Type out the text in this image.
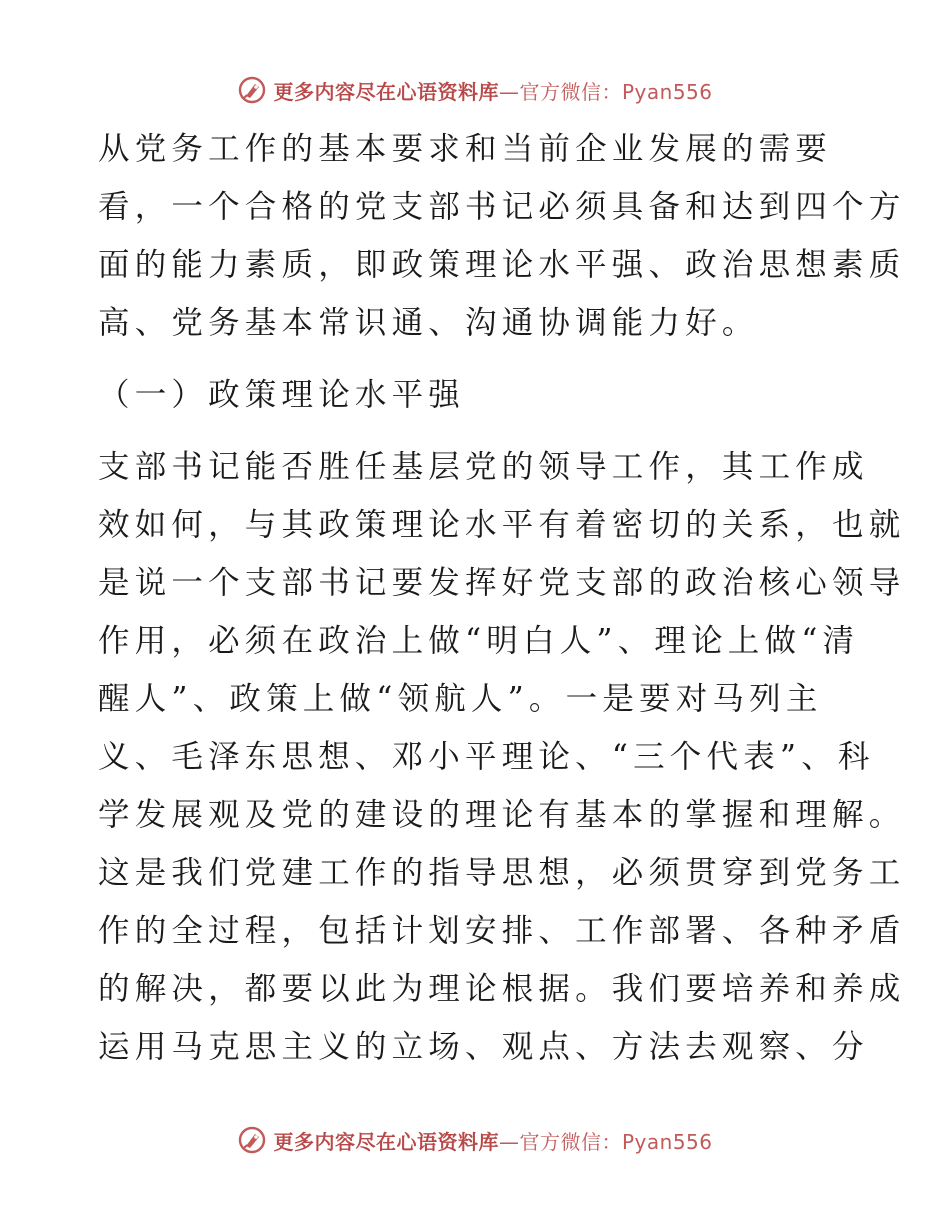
更多内容尽在心语资料库—官方微信：Pyan556
从党务工作的基本要求和当前企业发展的需要
看，一个合格的党支部书记必须具备和达到四个方
面的能力素质，即政策理论水平强、政治思想素质
高、党务基本常识通、沟通协调能力好。
（一）政策理论水平强
支部书记能否胜任基层党的领导工作，其工作成
效如何，与其政策理论水平有着密切的关系，也就
是说一个支部书记要发挥好党支部的政治核心领导
作用，必须在政治上做“明白人”、理论上做“清
醒人”、政策上做“领航人”。一是要对马列主
义、毛泽东思想、邓小平理论、“三个代表”、科
学发展观及党的建设的理论有基本的掌握和理解。
这是我们党建工作的指导思想，必须贯穿到党务工
作的全过程，包括计划安排、工作部署、各种矛盾
的解决，都要以此为理论根据。我们要培养和养成
运用马克思主义的立场、观点、方法去观察、分
更多内容尽在心语资料库—官方微信：Pyan556
